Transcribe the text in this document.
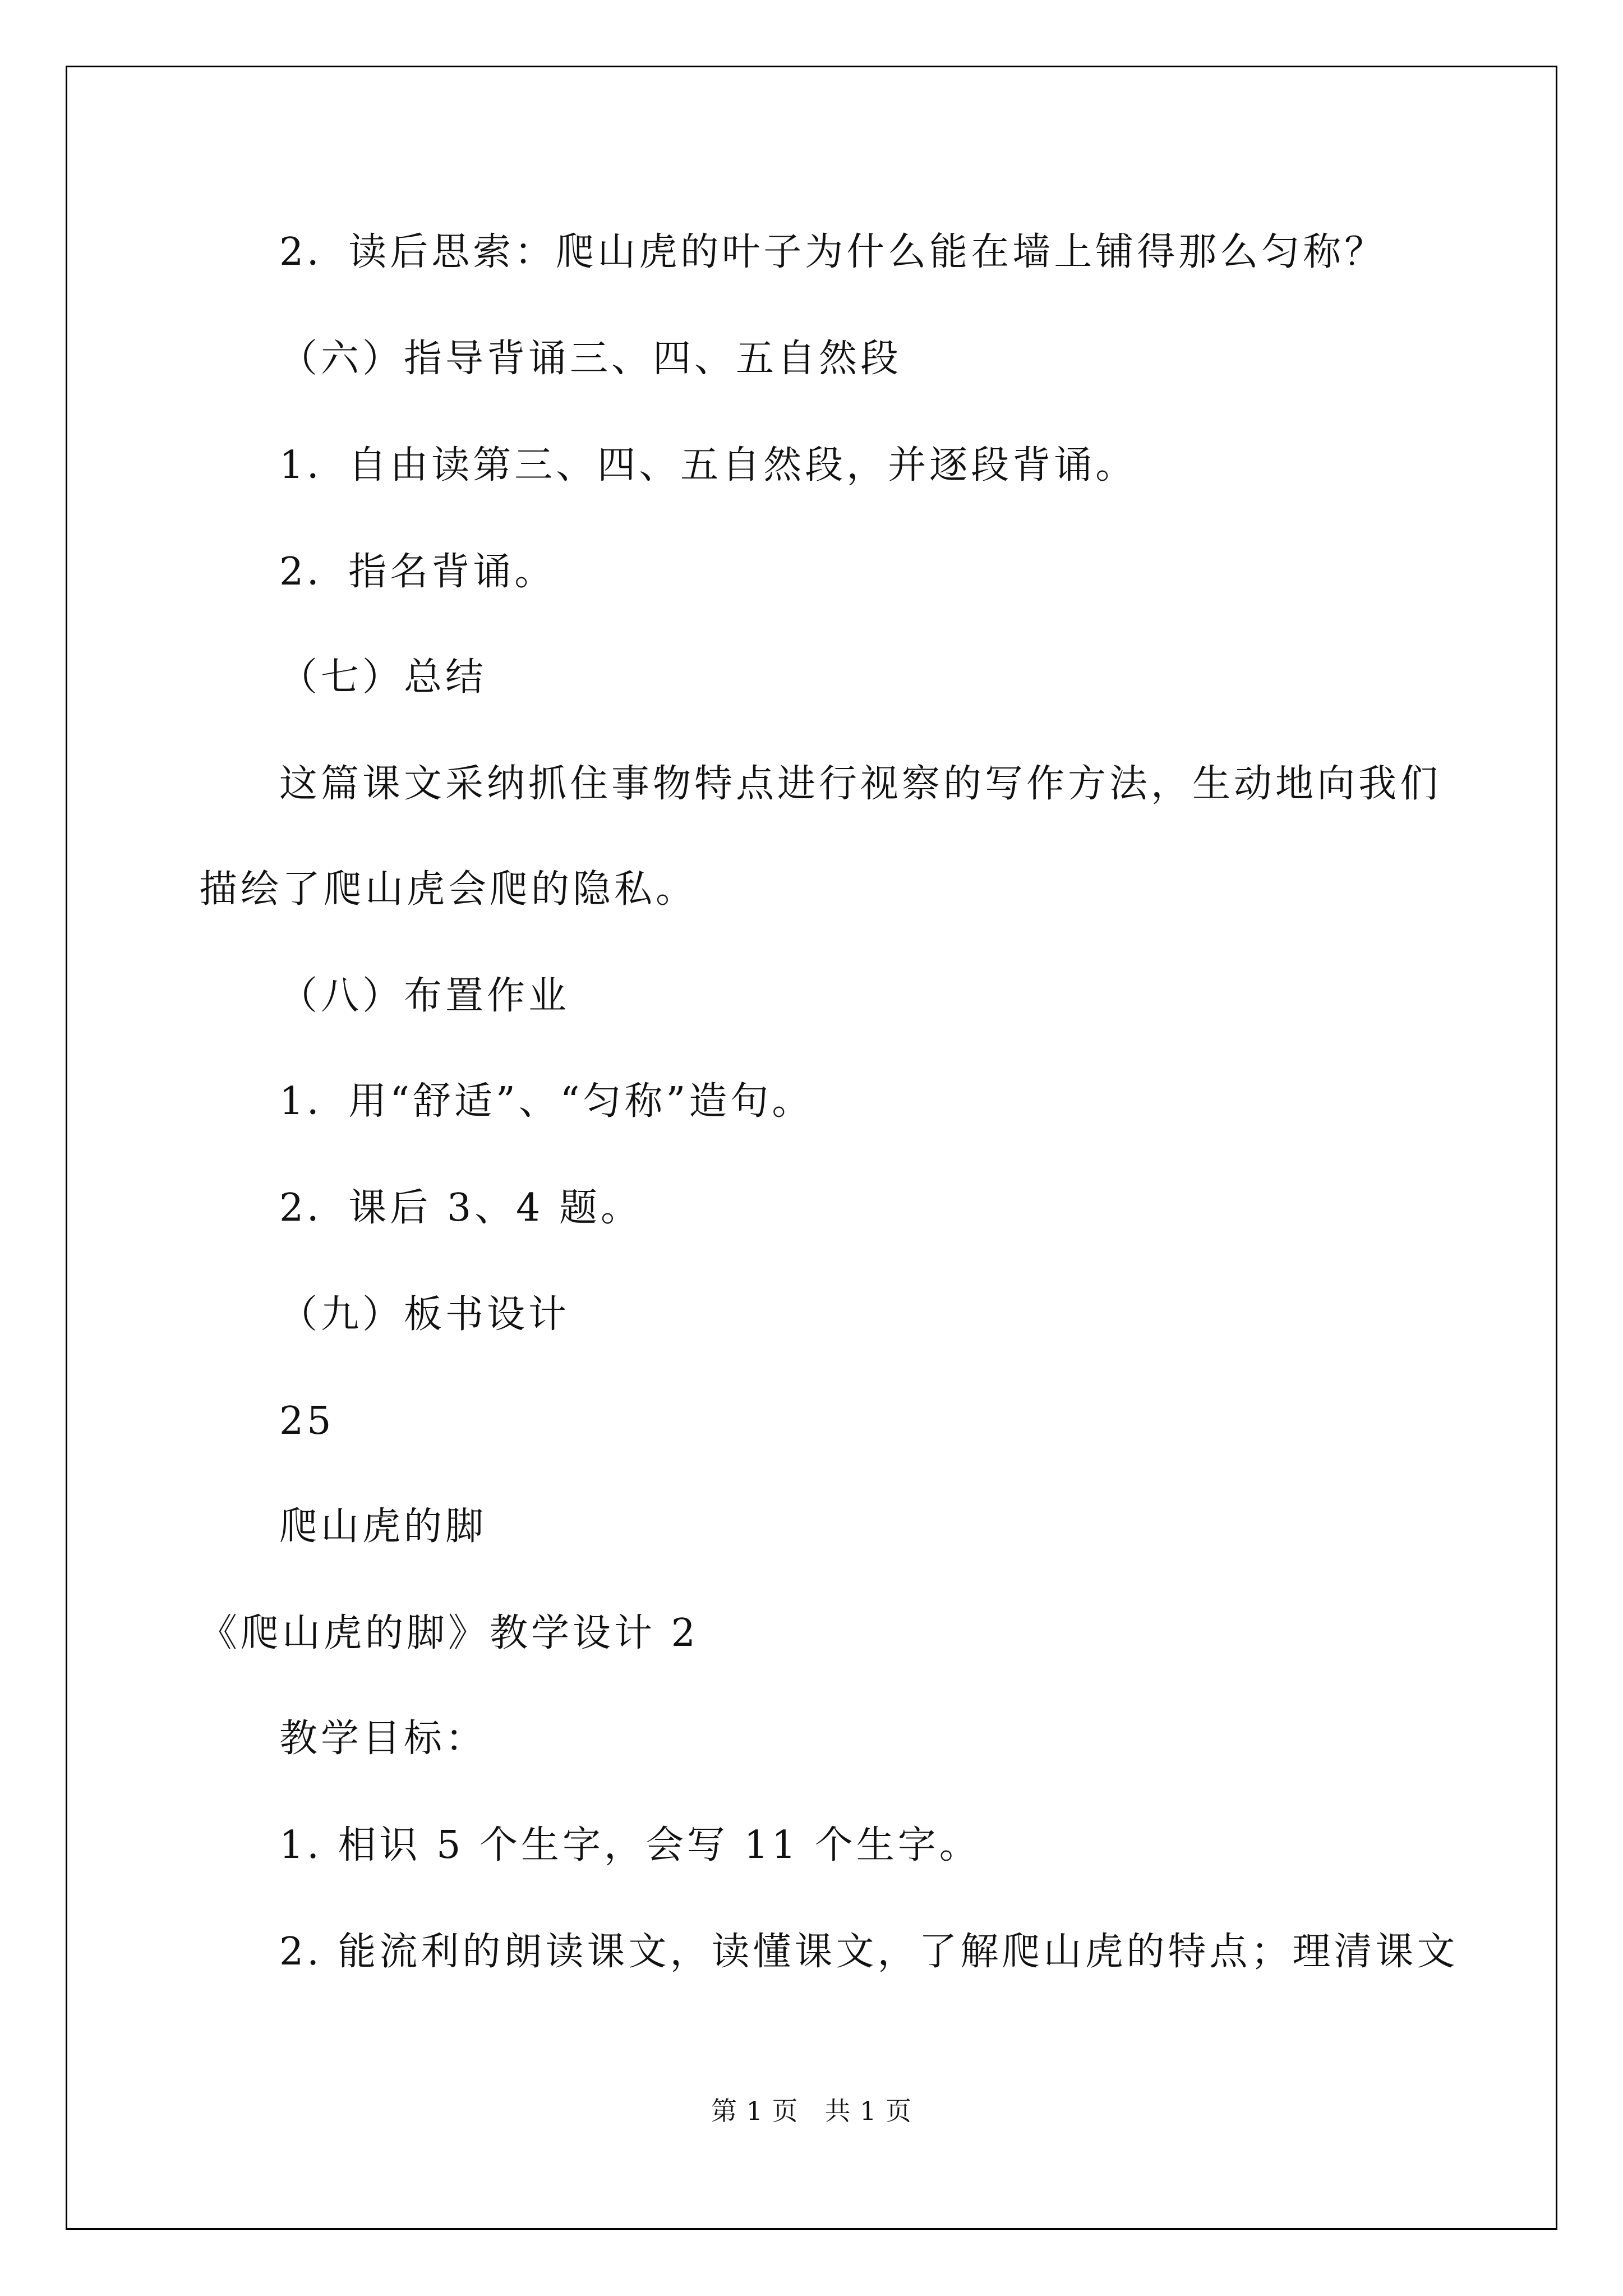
2．读后思索：爬山虎的叶子为什么能在墙上铺得那么匀称？
（六）指导背诵三、四、五自然段
1．自由读第三、四、五自然段，并逐段背诵。
2．指名背诵。
（七）总结
这篇课文采纳抓住事物特点进行视察的写作方法，生动地向我们
描绘了爬山虎会爬的隐私。
（八）布置作业
1．用“舒适”、“匀称”造句。
2．课后 3、4 题。
（九）板书设计
25
爬山虎的脚
《爬山虎的脚》教学设计 2
教学目标：
1. 相识 5 个生字，会写 11 个生字。
2. 能流利的朗读课文，读懂课文，了解爬山虎的特点；理清课文
第 1 页　共 1 页
